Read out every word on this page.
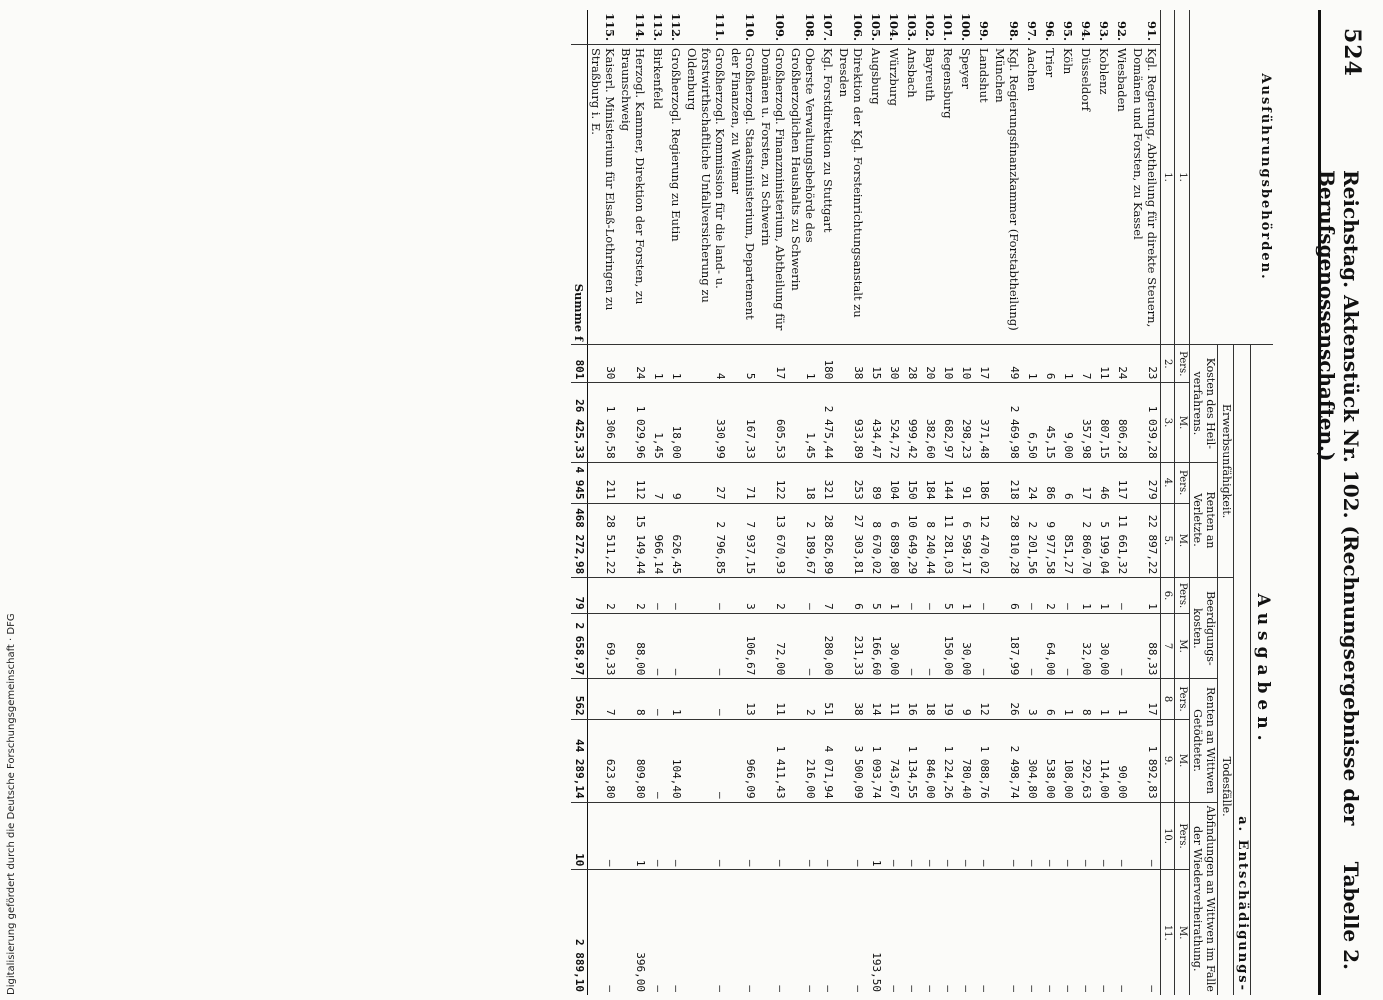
Digitalisierung gefördert durch die Deutsche Forschungsgemeinschaft · DFG
524
Reichstag. Aktenstück Nr. 102. (Rechnungsergebnisse der Berufsgenossenschaften.)
Tabelle 2.
Ausführungsbehörden.		Ausgaben.									
		a. Entschädigungs-									
		Erwerbsunfähigkeit.				Todesfälle.					
		Kosten des Heil-verfahrens.		Renten an Verletzte.		Beerdigungs-kosten.		Renten an Wittwen Getödteter.		Abfindungen an Wittwen im Falle der Wiederverheirathung.	
1.		Pers.	M.	Pers.	M.	Pers.	M.	Pers.	M.	Pers.	M.
1.		2.	3.	4.	5.	6.	7	8	9.	10.	11.
91.	Kgl. Regierung, Abtheilung für direkte Steuern, Domänen und Forsten, zu Kassel	23	1 039,28	279	22 897,22	1	88,33	17	1 892,83	—	—
92.	Wiesbaden	24	806,28	117	11 661,32	—	—	1	90,00	—	—
93.	Koblenz	11	807,15	46	5 199,04	1	30,00	1	114,00	—	—
94.	Düsseldorf	7	357,98	17	2 860,70	1	32,00	8	292,63	—	—
95.	Köln	1	9,00	6	851,27	—	—	1	108,00	—	—
96.	Trier	6	45,15	86	9 977,58	2	64,00	6	538,00	—	—
97.	Aachen	1	6,50	24	2 201,56	—	—	3	304,80	—	—
98.	Kgl. Regierungsfinanzkammer (Forstabtheilung) München	49	2 469,98	218	28 810,28	6	187,99	26	2 498,74	—	—
99.	Landshut	17	371,48	186	12 470,02	—	—	12	1 088,76	—	—
100.	Speyer	10	298,23	91	6 598,17	1	30,00	9	780,40	—	—
101.	Regensburg	10	682,97	144	11 281,03	5	150,00	19	1 224,26	—	—
102.	Bayreuth	20	382,60	184	8 240,44	—	—	18	846,00	—	—
103.	Ansbach	28	999,42	150	10 649,29	—	—	16	1 134,55	—	—
104.	Würzburg	30	524,72	104	6 889,80	1	30,00	11	743,67	—	—
105.	Augsburg	15	434,47	89	8 670,02	5	166,60	14	1 093,74	1	193,50
106.	Direktion der Kgl. Forsteinrichtungsanstalt zu Dresden	38	933,89	253	27 303,81	6	231,33	38	3 500,09	—	—
107.	Kgl. Forstdirektion zu Stuttgart	180	2 475,44	321	28 826,89	7	280,00	51	4 071,94	—	—
108.	Oberste Verwaltungsbehörde des Großherzoglichen Haushalts zu Schwerin	1	1,45	18	2 189,67	—	—	2	216,00	—	—
109.	Großherzogl. Finanzministerium, Abtheilung für Domänen u. Forsten, zu Schwerin	17	605,53	122	13 670,93	2	72,00	11	1 411,43	—	—
110.	Großherzogl. Staatsministerium, Departement der Finanzen, zu Weimar	5	167,33	71	7 937,15	3	106,67	13	966,09	—	—
111.	Großherzogl. Kommission für die land- u. forstwirthschaftliche Unfallversicherung zu Oldenburg	4	330,99	27	2 796,85	—	—	—	—	—	—
112.	Großherzogl. Regierung zu Eutin	1	18,00	9	626,45	—	—	1	104,40	—	—
113.	Birkenfeld	1	1,45	7	966,14	—	—	—	—	—	—
114.	Herzogl. Kammer, Direktion der Forsten, zu Braunschweig	24	1 029,96	112	15 149,44	2	88,00	8	809,80	1	396,00
115.	Kaiserl. Ministerium für Elsaß-Lothringen zu Straßburg i. E.	30	1 306,58	211	28 511,22	2	69,33	7	623,80	—	—
	Summe f	801	26 425,33	4 945	468 272,98	79	2 658,97	562	44 289,14	10	2 889,10
